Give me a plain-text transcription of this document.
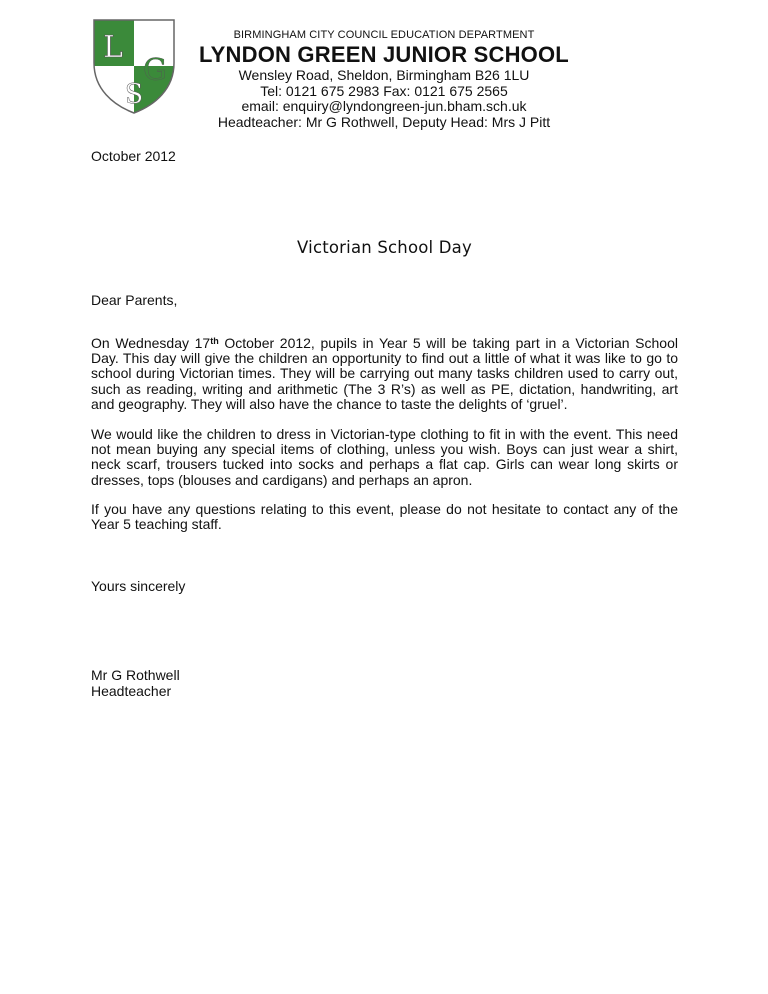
L
G
S
BIRMINGHAM CITY COUNCIL EDUCATION DEPARTMENT
LYNDON GREEN JUNIOR SCHOOL
Wensley Road, Sheldon, Birmingham B26 1LU
Tel: 0121 675 2983 Fax: 0121 675 2565
email: enquiry@lyndongreen-jun.bham.sch.uk
Headteacher: Mr G Rothwell, Deputy Head: Mrs J Pitt
October 2012
Victorian School Day
Dear Parents,

On Wednesday 17th October 2012, pupils in Year 5 will be taking part in a Victorian School Day. This day will give the children an opportunity to find out a little of what it was like to go to school during Victorian times. They will be carrying out many tasks children used to carry out, such as reading, writing and arithmetic (The 3 R’s) as well as PE, dictation, handwriting, art and geography. They will also have the chance to taste the delights of ‘gruel’.

We would like the children to dress in Victorian-type clothing to fit in with the event. This need not mean buying any special items of clothing, unless you wish. Boys can just wear a shirt, neck scarf, trousers tucked into socks and perhaps a flat cap. Girls can wear long skirts or dresses, tops (blouses and cardigans) and perhaps an apron.

If you have any questions relating to this event, please do not hesitate to contact any of the Year 5 teaching staff.

Yours sincerely
Mr G Rothwell
Headteacher
